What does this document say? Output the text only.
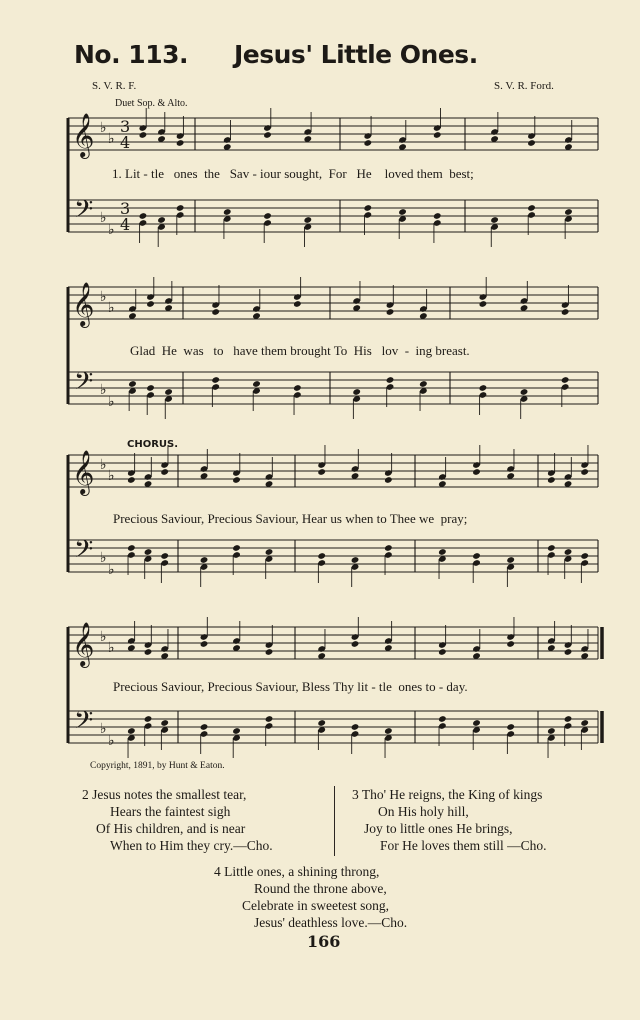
No. 113. Jesus' Little Ones.
S. V. R. F.	S. V. R. Ford.
Duet Sop. & Alto.
CHORUS.
𝄞
𝄢
♭
♭
♭
♭
3
3
4
4
𝄞
𝄢
♭
♭
♭
♭
𝄞
𝄢
♭
♭
♭
♭
𝄞
𝄢
♭
♭
♭
♭
1. Lit - tle   ones  the   Sav - iour sought,  For   He    loved them  best;
Glad  He  was   to   have them brought To  His   lov  -  ing breast.
Precious Saviour, Precious Saviour, Hear us when to Thee we  pray;
Precious Saviour, Precious Saviour, Bless Thy lit - tle  ones to - day.
Copyright, 1891, by Hunt & Eaton.
2 Jesus notes the smallest tear,
Hears the faintest sigh
Of His children, and is near
When to Him they cry.—Cho.
3 Tho' He reigns, the King of kings
On His holy hill,
Joy to little ones He brings,
For He loves them still —Cho.
4 Little ones, a shining throng,
Round the throne above,
Celebrate in sweetest song,
Jesus' deathless love.—Cho.
166
